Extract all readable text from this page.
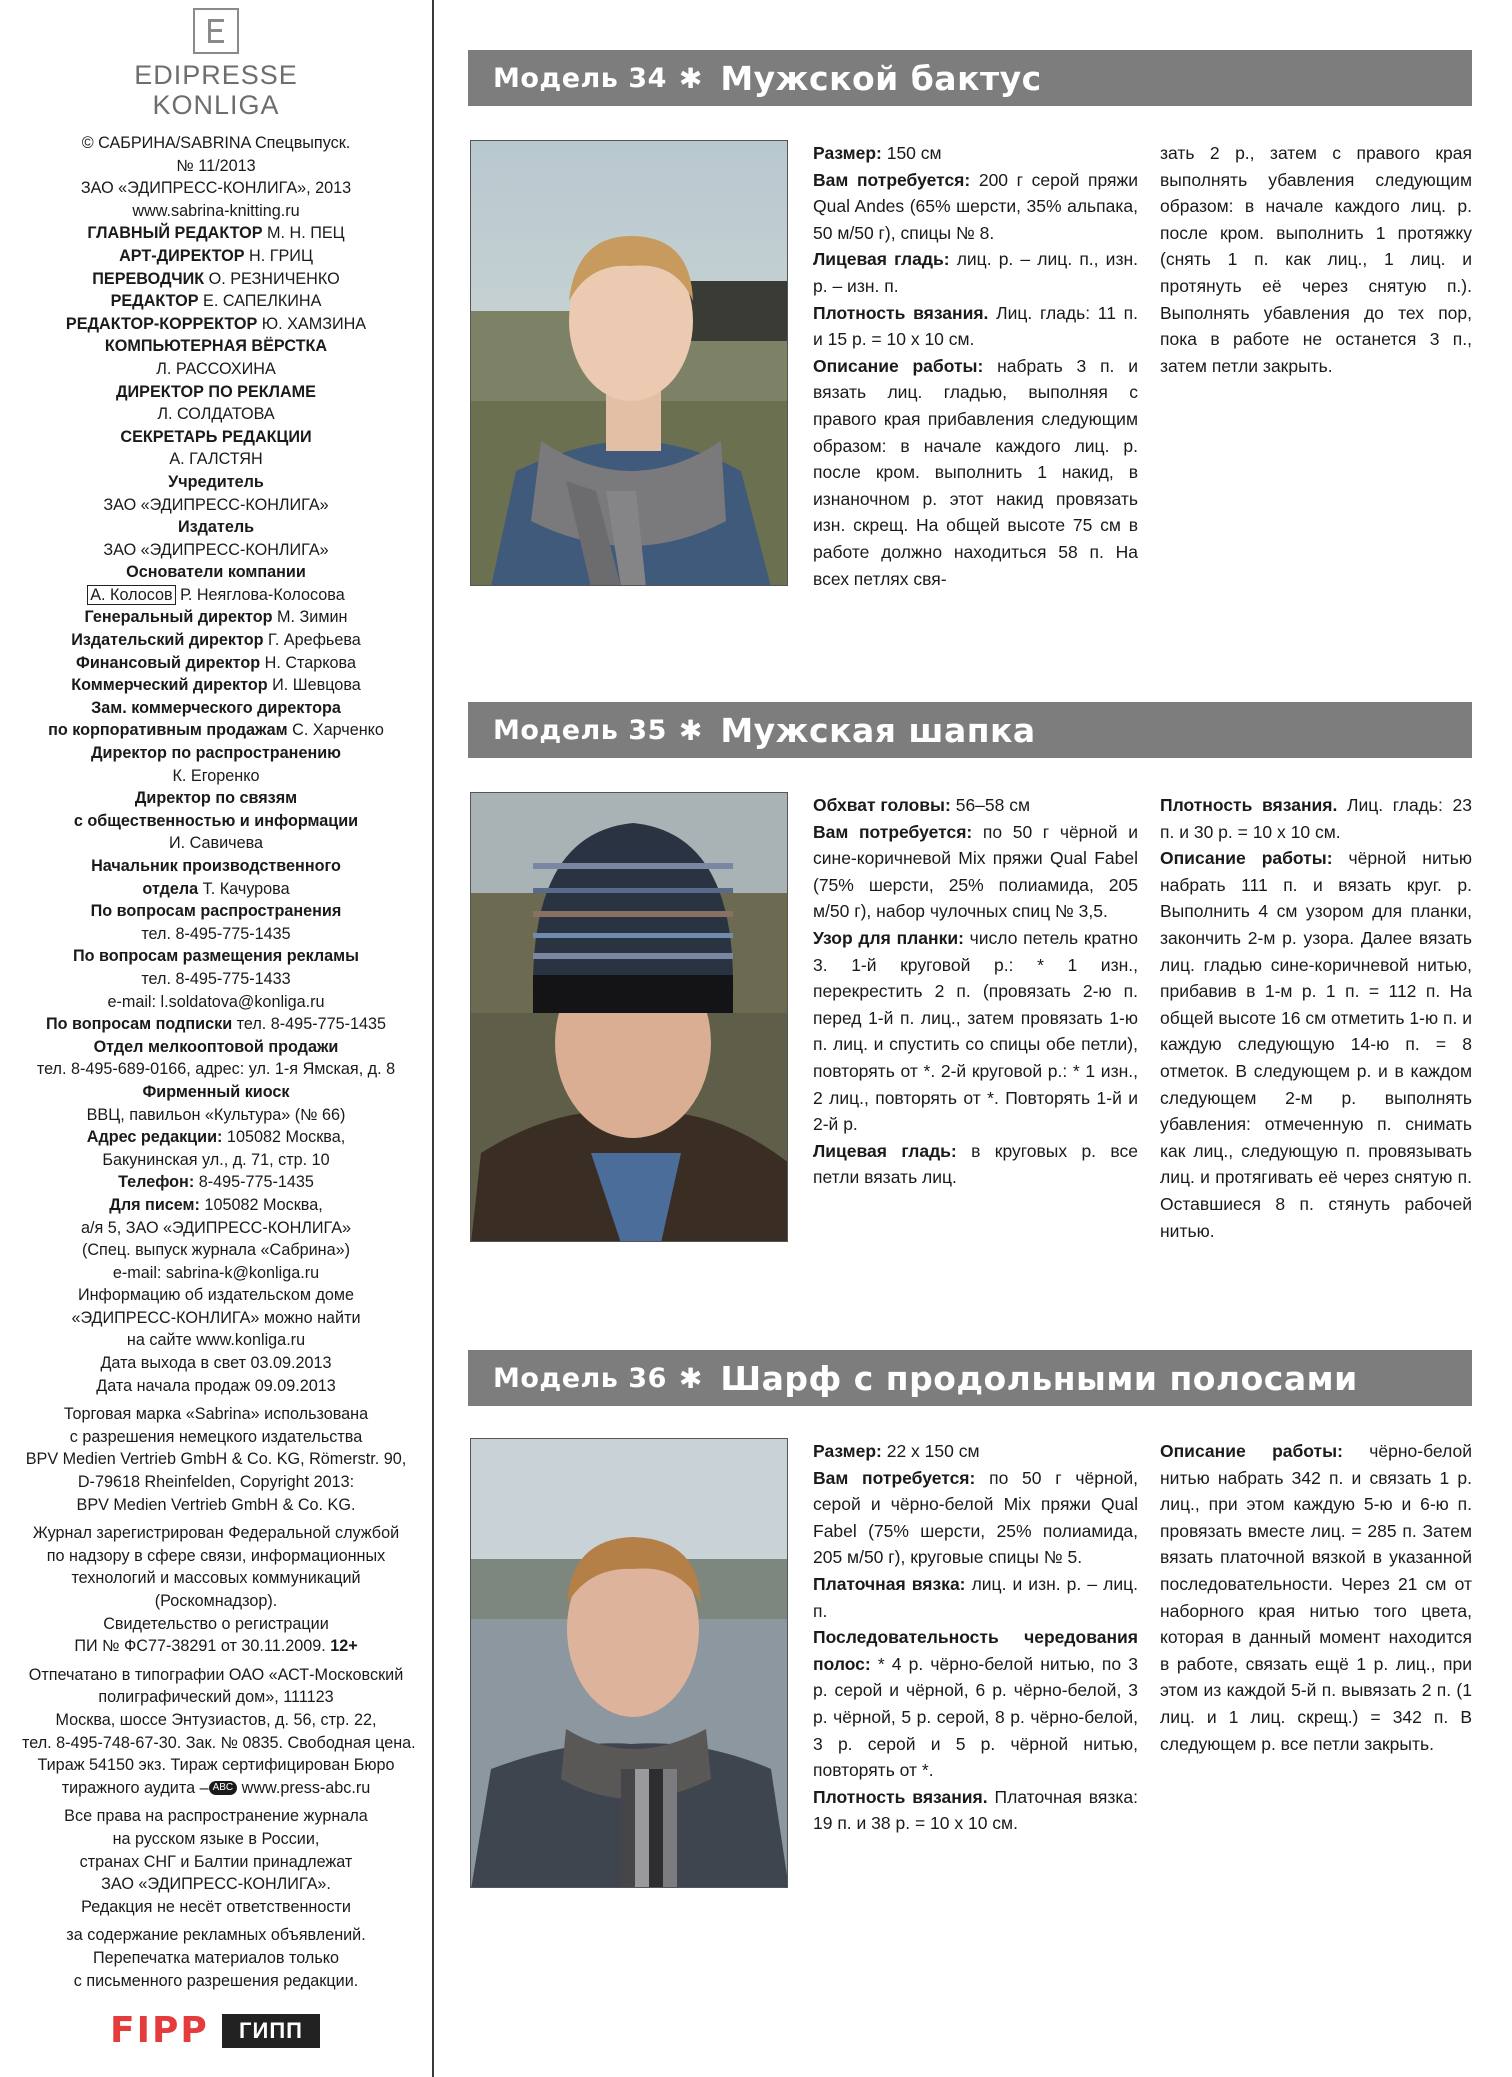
EDIPRESSE
KONLIGA
© САБРИНА/SABRINA Спецвыпуск.
№ 11/2013
ЗАО «ЭДИПРЕСС-КОНЛИГА», 2013
www.sabrina-knitting.ru
ГЛАВНЫЙ РЕДАКТОР М. Н. ПЕЦ
АРТ-ДИРЕКТОР Н. ГРИЦ
ПЕРЕВОДЧИК О. РЕЗНИЧЕНКО
РЕДАКТОР Е. САПЕЛКИНА
РЕДАКТОР-КОРРЕКТОР Ю. ХАМЗИНА
КОМПЬЮТЕРНАЯ ВЁРСТКА
Л. РАССОХИНА
ДИРЕКТОР ПО РЕКЛАМЕ
Л. СОЛДАТОВА
СЕКРЕТАРЬ РЕДАКЦИИ
А. ГАЛСТЯН
Учредитель
ЗАО «ЭДИПРЕСС-КОНЛИГА»
Издатель
ЗАО «ЭДИПРЕСС-КОНЛИГА»
Основатели компании
А. Колосов Р. Неяглова-Колосова
Генеральный директор М. Зимин
Издательский директор Г. Арефьева
Финансовый директор Н. Старкова
Коммерческий директор И. Шевцова
Зам. коммерческого директора
по корпоративным продажам С. Харченко
Директор по распространению
К. Егоренко
Директор по связям
с общественностью и информации
И. Савичева
Начальник производственного
отдела Т. Качурова
По вопросам распространения
тел. 8-495-775-1435
По вопросам размещения рекламы
тел. 8-495-775-1433
e-mail: l.soldatova@konliga.ru
По вопросам подписки тел. 8-495-775-1435
Отдел мелкооптовой продажи
тел. 8-495-689-0166, адрес: ул. 1-я Ямская, д. 8
Фирменный киоск
ВВЦ, павильон «Культура» (№ 66)
Адрес редакции: 105082 Москва,
Бакунинская ул., д. 71, стр. 10
Телефон: 8-495-775-1435
Для писем: 105082 Москва,
а/я 5, ЗАО «ЭДИПРЕСС-КОНЛИГА»
(Спец. выпуск журнала «Сабрина»)
e-mail: sabrina-k@konliga.ru
Информацию об издательском доме
«ЭДИПРЕСС-КОНЛИГА» можно найти
на сайте www.konliga.ru
Дата выхода в свет 03.09.2013
Дата начала продаж 09.09.2013
Торговая марка «Sabrina» использована
с разрешения немецкого издательства
BPV Medien Vertrieb GmbH & Co. KG, Römerstr. 90,
D-79618 Rheinfelden, Copyright 2013:
BPV Medien Vertrieb GmbH & Co. KG.
Журнал зарегистрирован Федеральной службой
по надзору в сфере связи, информационных
технологий и массовых коммуникаций
(Роскомнадзор).
Свидетельство о регистрации
ПИ № ФС77-38291 от 30.11.2009. 12+
Отпечатано в типографии ОАО «АСТ-Московский
полиграфический дом», 111123
Москва, шоссе Энтузиастов, д. 56, стр. 22,
тел. 8-495-748-67-30. Зак. № 0835. Свободная цена.
Тираж 54150 экз. Тираж сертифицирован Бюро
тиражного аудита – ABC www.press-abc.ru
Все права на распространение журнала
на русском языке в России,
странах СНГ и Балтии принадлежат
ЗАО «ЭДИПРЕСС-КОНЛИГА».
Редакция не несёт ответственности
за содержание рекламных объявлений.
Перепечатка материалов только
с письменного разрешения редакции.
FIPP	ГИПП
Модель 34 ✱ Мужской бактус
Размер: 150 см
Вам потребуется: 200 г серой пряжи Qual Andes (65% шерсти, 35% альпака, 50 м/50 г), спицы № 8.
Лицевая гладь: лиц. р. – лиц. п., изн. р. – изн. п.
Плотность вязания. Лиц. гладь: 11 п. и 15 р. = 10 х 10 см.
Описание работы: набрать 3 п. и вязать лиц. гладью, выполняя с правого края прибавления следующим образом: в начале каждого лиц. р. после кром. выполнить 1 накид, в изнаночном р. этот накид провязать изн. скрещ. На общей высоте 75 см в работе должно находиться 58 п. На всех петлях свя-
зать 2 р., затем с правого края выполнять убавления следующим образом: в начале каждого лиц. р. после кром. выполнить 1 протяжку (снять 1 п. как лиц., 1 лиц. и протянуть её через снятую п.). Выполнять убавления до тех пор, пока в работе не останется 3 п., затем петли закрыть.
Модель 35 ✱ Мужская шапка
Обхват головы: 56–58 см
Вам потребуется: по 50 г чёрной и сине-коричневой Mix пряжи Qual Fabel (75% шерсти, 25% полиамида, 205 м/50 г), набор чулочных спиц № 3,5.
Узор для планки: число петель кратно 3. 1-й круговой р.: * 1 изн., перекрестить 2 п. (провязать 2-ю п. перед 1-й п. лиц., затем провязать 1-ю п. лиц. и спустить со спицы обе петли), повторять от *. 2-й круговой р.: * 1 изн., 2 лиц., повторять от *. Повторять 1-й и 2-й р.
Лицевая гладь: в круговых р. все петли вязать лиц.
Плотность вязания. Лиц. гладь: 23 п. и 30 р. = 10 х 10 см.
Описание работы: чёрной нитью набрать 111 п. и вязать круг. р. Выполнить 4 см узором для планки, закончить 2-м р. узора. Далее вязать лиц. гладью сине-коричневой нитью, прибавив в 1-м р. 1 п. = 112 п. На общей высоте 16 см отметить 1-ю п. и каждую следующую 14-ю п. = 8 отметок. В следующем р. и в каждом следующем 2-м р. выполнять убавления: отмеченную п. снимать как лиц., следующую п. провязывать лиц. и протягивать её через снятую п. Оставшиеся 8 п. стянуть рабочей нитью.
Модель 36 ✱ Шарф с продольными полосами
Размер: 22 х 150 см
Вам потребуется: по 50 г чёрной, серой и чёрно-белой Mix пряжи Qual Fabel (75% шерсти, 25% полиамида, 205 м/50 г), круговые спицы № 5.
Платочная вязка: лиц. и изн. р. – лиц. п.
Последовательность чередования полос: * 4 р. чёрно-белой нитью, по 3 р. серой и чёрной, 6 р. чёрно-белой, 3 р. чёрной, 5 р. серой, 8 р. чёрно-белой, 3 р. серой и 5 р. чёрной нитью, повторять от *.
Плотность вязания. Платочная вязка: 19 п. и 38 р. = 10 х 10 см.
Описание работы: чёрно-белой нитью набрать 342 п. и связать 1 р. лиц., при этом каждую 5-ю и 6-ю п. провязать вместе лиц. = 285 п. Затем вязать платочной вязкой в указанной последовательности. Через 21 см от наборного края нитью того цвета, которая в данный момент находится в работе, связать ещё 1 р. лиц., при этом из каждой 5-й п. вывязать 2 п. (1 лиц. и 1 лиц. скрещ.) = 342 п. В следующем р. все петли закрыть.
